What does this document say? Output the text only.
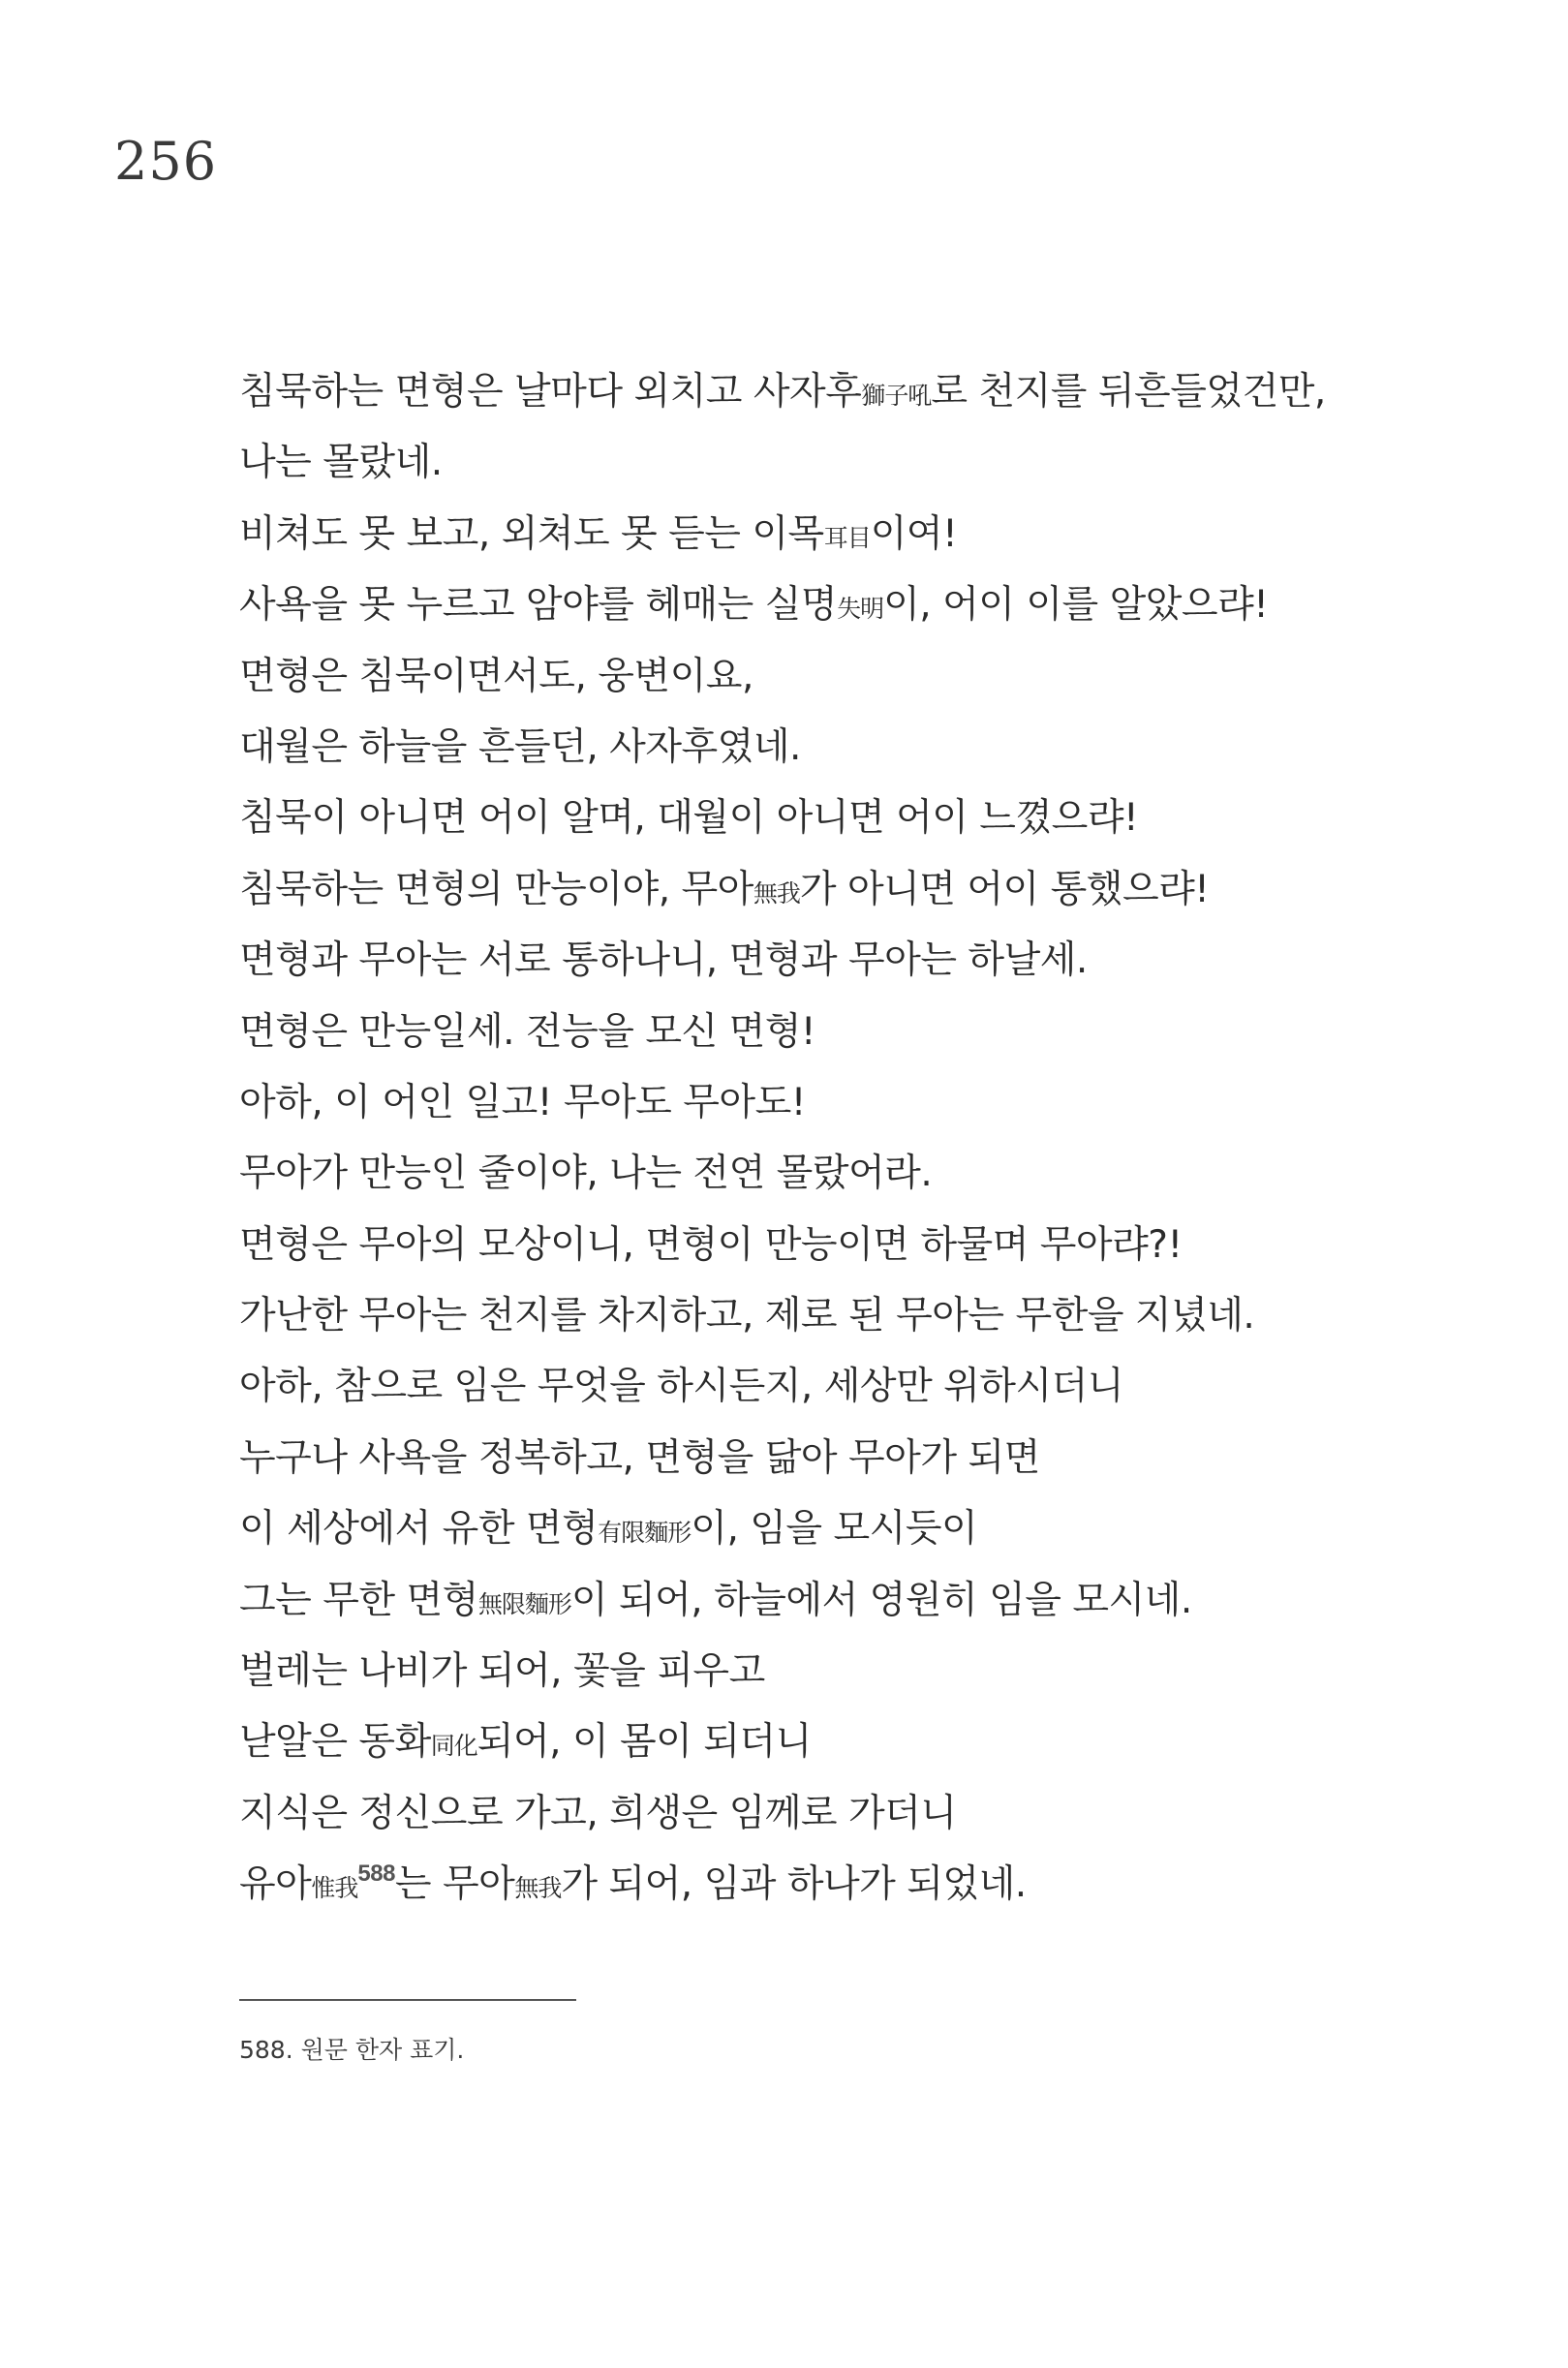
256
침묵하는 면형은 날마다 외치고 사자후獅子吼로 천지를 뒤흔들었건만,
나는 몰랐네.
비쳐도 못 보고, 외쳐도 못 듣는 이목耳目이여!
사욕을 못 누르고 암야를 헤매는 실명失明이, 어이 이를 알았으랴!
면형은 침묵이면서도, 웅변이요,
대월은 하늘을 흔들던, 사자후였네.
침묵이 아니면 어이 알며, 대월이 아니면 어이 느꼈으랴!
침묵하는 면형의 만능이야, 무아無我가 아니면 어이 통했으랴!
면형과 무아는 서로 통하나니, 면형과 무아는 하날세.
면형은 만능일세. 전능을 모신 면형!
아하, 이 어인 일고! 무아도 무아도!
무아가 만능인 줄이야, 나는 전연 몰랐어라.
면형은 무아의 모상이니, 면형이 만능이면 하물며 무아랴?!
가난한 무아는 천지를 차지하고, 제로 된 무아는 무한을 지녔네.
아하, 참으로 임은 무엇을 하시든지, 세상만 위하시더니
누구나 사욕을 정복하고, 면형을 닮아 무아가 되면
이 세상에서 유한 면형有限麵形이, 임을 모시듯이
그는 무한 면형無限麵形이 되어, 하늘에서 영원히 임을 모시네.
벌레는 나비가 되어, 꽃을 피우고
낟알은 동화同化되어, 이 몸이 되더니
지식은 정신으로 가고, 희생은 임께로 가더니
유아惟我$^{588}$는 무아無我가 되어, 임과 하나가 되었네.
588. 원문 한자 표기.
